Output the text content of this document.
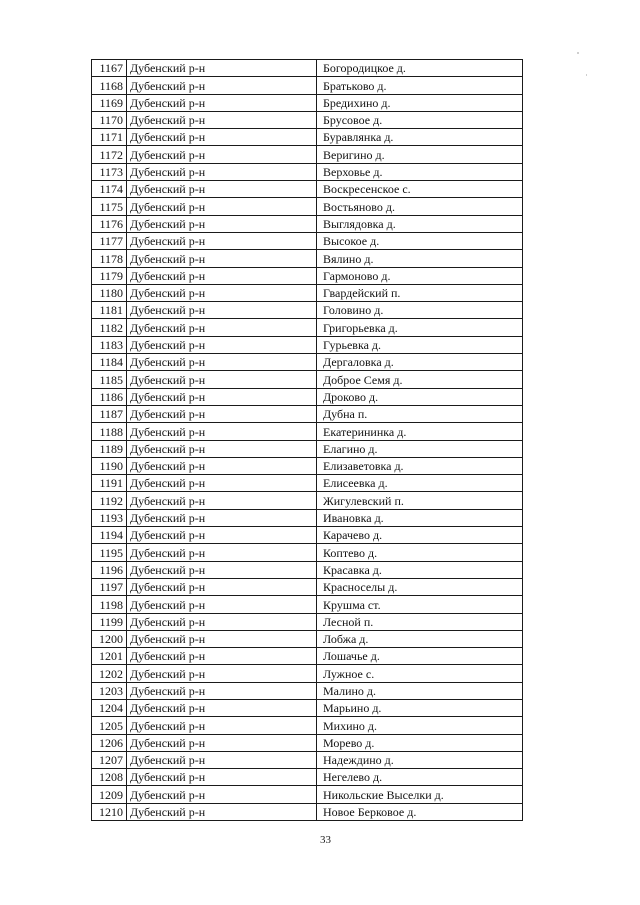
1167	Дубенский р-н	Богородицкое д.
1168	Дубенский р-н	Братьково д.
1169	Дубенский р-н	Бредихино д.
1170	Дубенский р-н	Брусовое д.
1171	Дубенский р-н	Буравлянка д.
1172	Дубенский р-н	Веригино д.
1173	Дубенский р-н	Верховье д.
1174	Дубенский р-н	Воскресенское с.
1175	Дубенский р-н	Востьяново д.
1176	Дубенский р-н	Выглядовка д.
1177	Дубенский р-н	Высокое д.
1178	Дубенский р-н	Вялино д.
1179	Дубенский р-н	Гармоново д.
1180	Дубенский р-н	Гвардейский п.
1181	Дубенский р-н	Головино д.
1182	Дубенский р-н	Григорьевка д.
1183	Дубенский р-н	Гурьевка д.
1184	Дубенский р-н	Дергаловка д.
1185	Дубенский р-н	Доброе Семя д.
1186	Дубенский р-н	Дроково д.
1187	Дубенский р-н	Дубна п.
1188	Дубенский р-н	Екатерининка д.
1189	Дубенский р-н	Елагино д.
1190	Дубенский р-н	Елизаветовка д.
1191	Дубенский р-н	Елисеевка д.
1192	Дубенский р-н	Жигулевский п.
1193	Дубенский р-н	Ивановка д.
1194	Дубенский р-н	Карачево д.
1195	Дубенский р-н	Коптево д.
1196	Дубенский р-н	Красавка д.
1197	Дубенский р-н	Красноселы д.
1198	Дубенский р-н	Крушма ст.
1199	Дубенский р-н	Лесной п.
1200	Дубенский р-н	Лобжа д.
1201	Дубенский р-н	Лошачье д.
1202	Дубенский р-н	Лужное с.
1203	Дубенский р-н	Малино д.
1204	Дубенский р-н	Марьино д.
1205	Дубенский р-н	Михино д.
1206	Дубенский р-н	Морево д.
1207	Дубенский р-н	Надеждино д.
1208	Дубенский р-н	Негелево д.
1209	Дубенский р-н	Никольские Выселки д.
1210	Дубенский р-н	Новое Берковое д.
33
